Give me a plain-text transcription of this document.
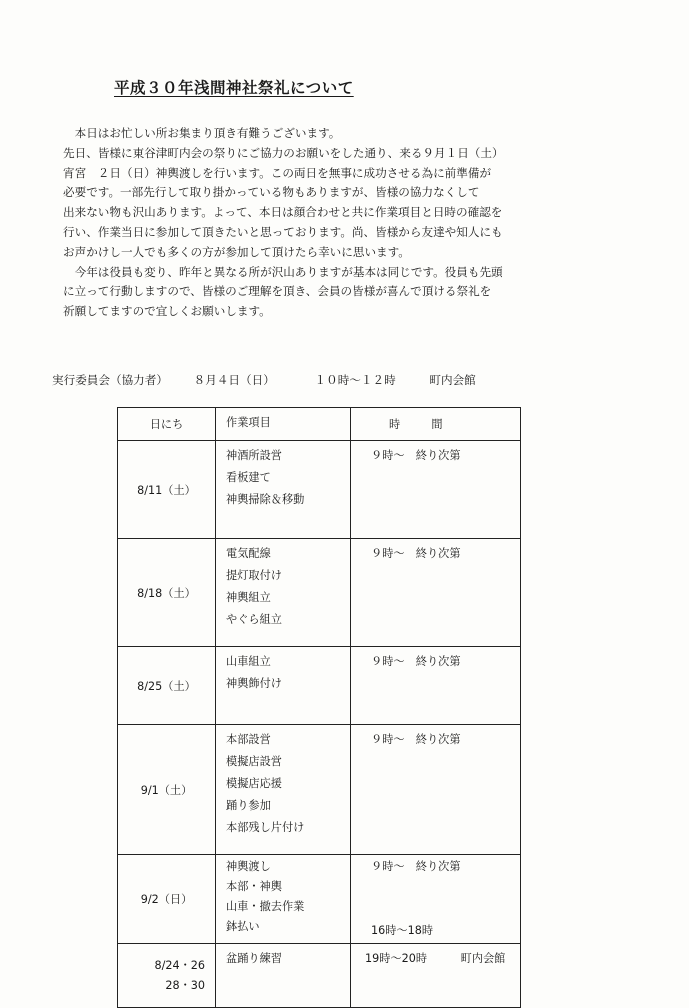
平成３０年浅間神社祭礼について

　本日はお忙しい所お集まり頂き有難うございます。

先日、皆様に東谷津町内会の祭りにご協力のお願いをした通り、来る９月１日（土）

宵宮　２日（日）神輿渡しを行います。この両日を無事に成功させる為に前準備が

必要です。一部先行して取り掛かっている物もありますが、皆様の協力なくして

出来ない物も沢山あります。よって、本日は顔合わせと共に作業項目と日時の確認を

行い、作業当日に参加して頂きたいと思っております。尚、皆様から友達や知人にも

お声かけし一人でも多くの方が参加して頂けたら幸いに思います。

　今年は役員も変り、昨年と異なる所が沢山ありますが基本は同じです。役員も先頭

に立って行動しますので、皆様のご理解を頂き、会員の皆様が喜んで頂ける祭礼を

祈願してますので宜しくお願いします。

実行委員会（協力者） ８月４日（日）	１０時～１２時	町内会館
日にち	作業項目	時　間
8/11（土）	神酒所設営
看板建て
神輿掃除＆移動	９時～　終り次第

8/18（土）	電気配線
提灯取付け
神輿組立
やぐら組立	９時～　終り次第

8/25（土）	山車組立
神輿飾付け	９時～　終り次第

9/1（土）	本部設営
模擬店設営
模擬店応援
踊り参加
本部残し片付け	９時～　終り次第

9/2（日）	神輿渡し
本部・神輿
山車・撤去作業
鉢払い	９時～　終り次第
16時～18時

8/24・26
28・30	盆踊り練習	19時～20時　　　町内会館
